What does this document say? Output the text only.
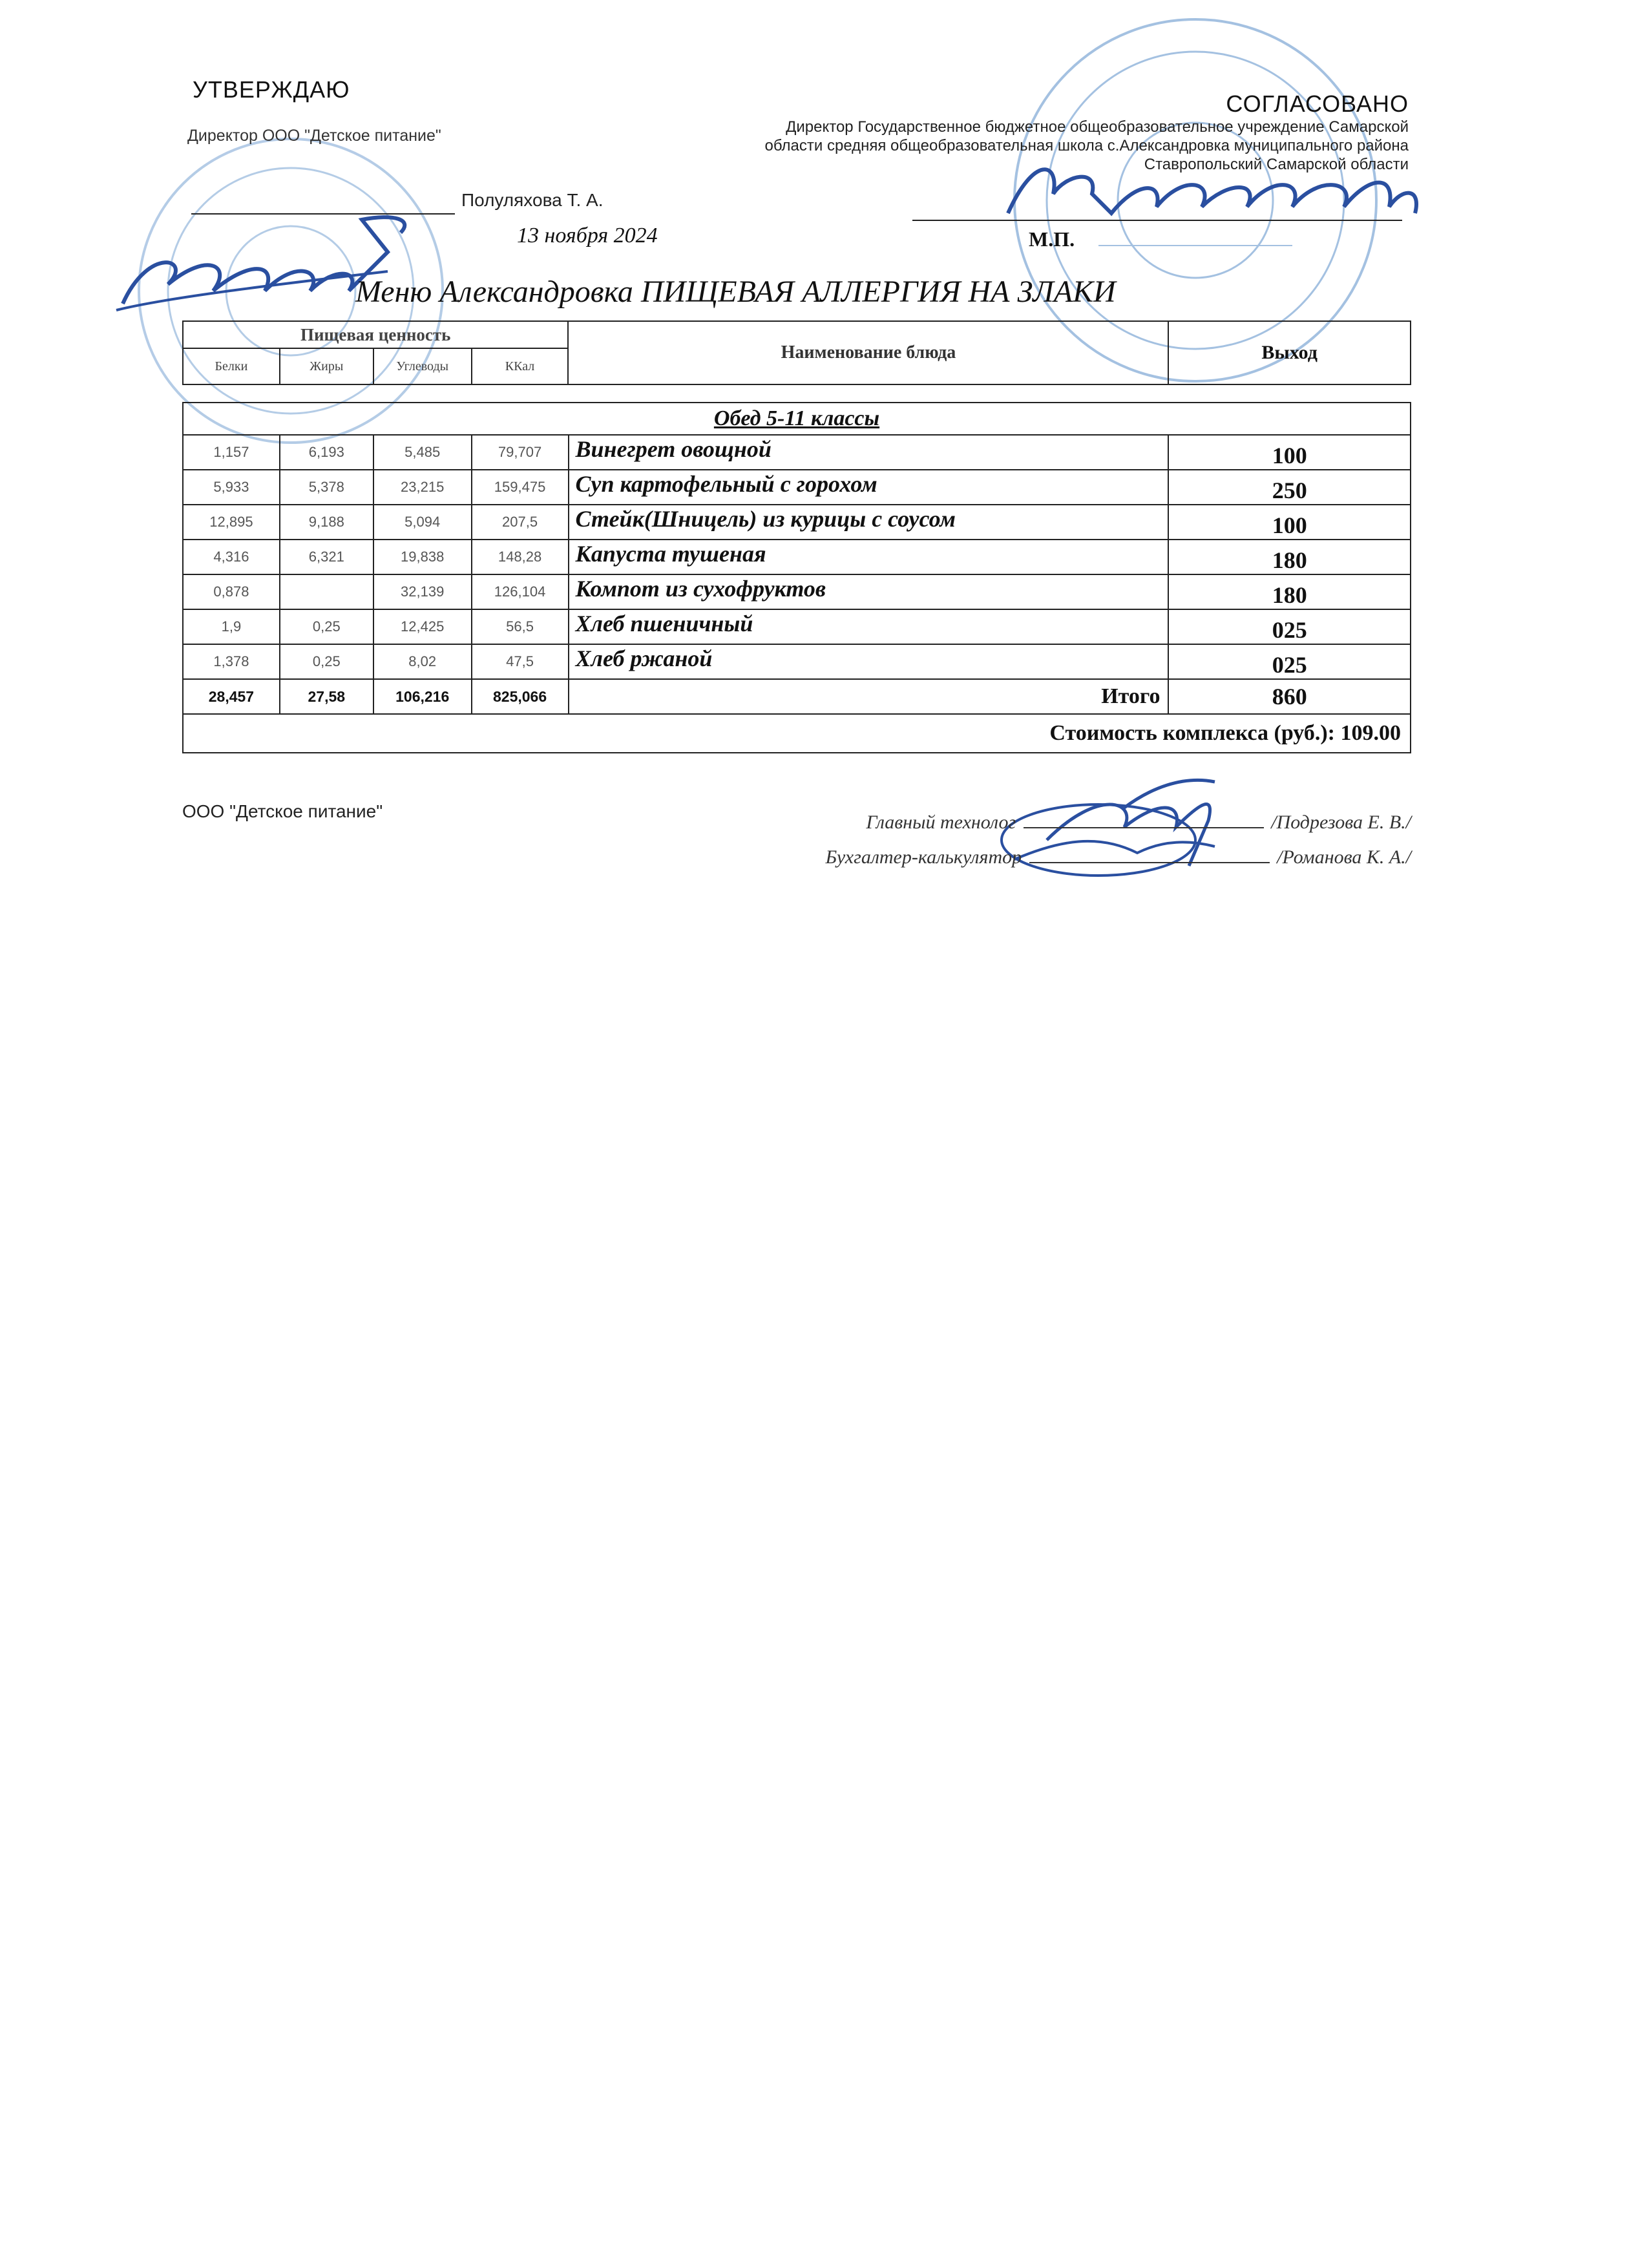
УТВЕРЖДАЮ
Директор ООО "Детское питание"
Полуляхова Т. А.
13 ноября 2024
СОГЛАСОВАНО
Директор Государственное бюджетное общеобразовательное учреждение Самарской
области средняя общеобразовательная школа с.Александровка муниципального района
Ставропольский Самарской области
М.П.
Меню Александровка ПИЩЕВАЯ АЛЛЕРГИЯ НА ЗЛАКИ
Пищевая ценность				Наименование блюда	Выход
Белки	Жиры	Углеводы	ККал		
Обед 5-11 классы					
1,157	6,193	5,485	79,707	Винегрет овощной	100
5,933	5,378	23,215	159,475	Суп картофельный с горохом	250
12,895	9,188	5,094	207,5	Стейк(Шницель) из курицы с соусом	100
4,316	6,321	19,838	148,28	Капуста тушеная	180
0,878		32,139	126,104	Компот из сухофруктов	180
1,9	0,25	12,425	56,5	Хлеб пшеничный	025
1,378	0,25	8,02	47,5	Хлеб ржаной	025
28,457	27,58	106,216	825,066	Итого	860
Стоимость комплекса (руб.): 109.00					
ООО "Детское питание"
Главный технолог	/Подрезова Е. В./
Бухгалтер-калькулятор	/Романова К. А./
